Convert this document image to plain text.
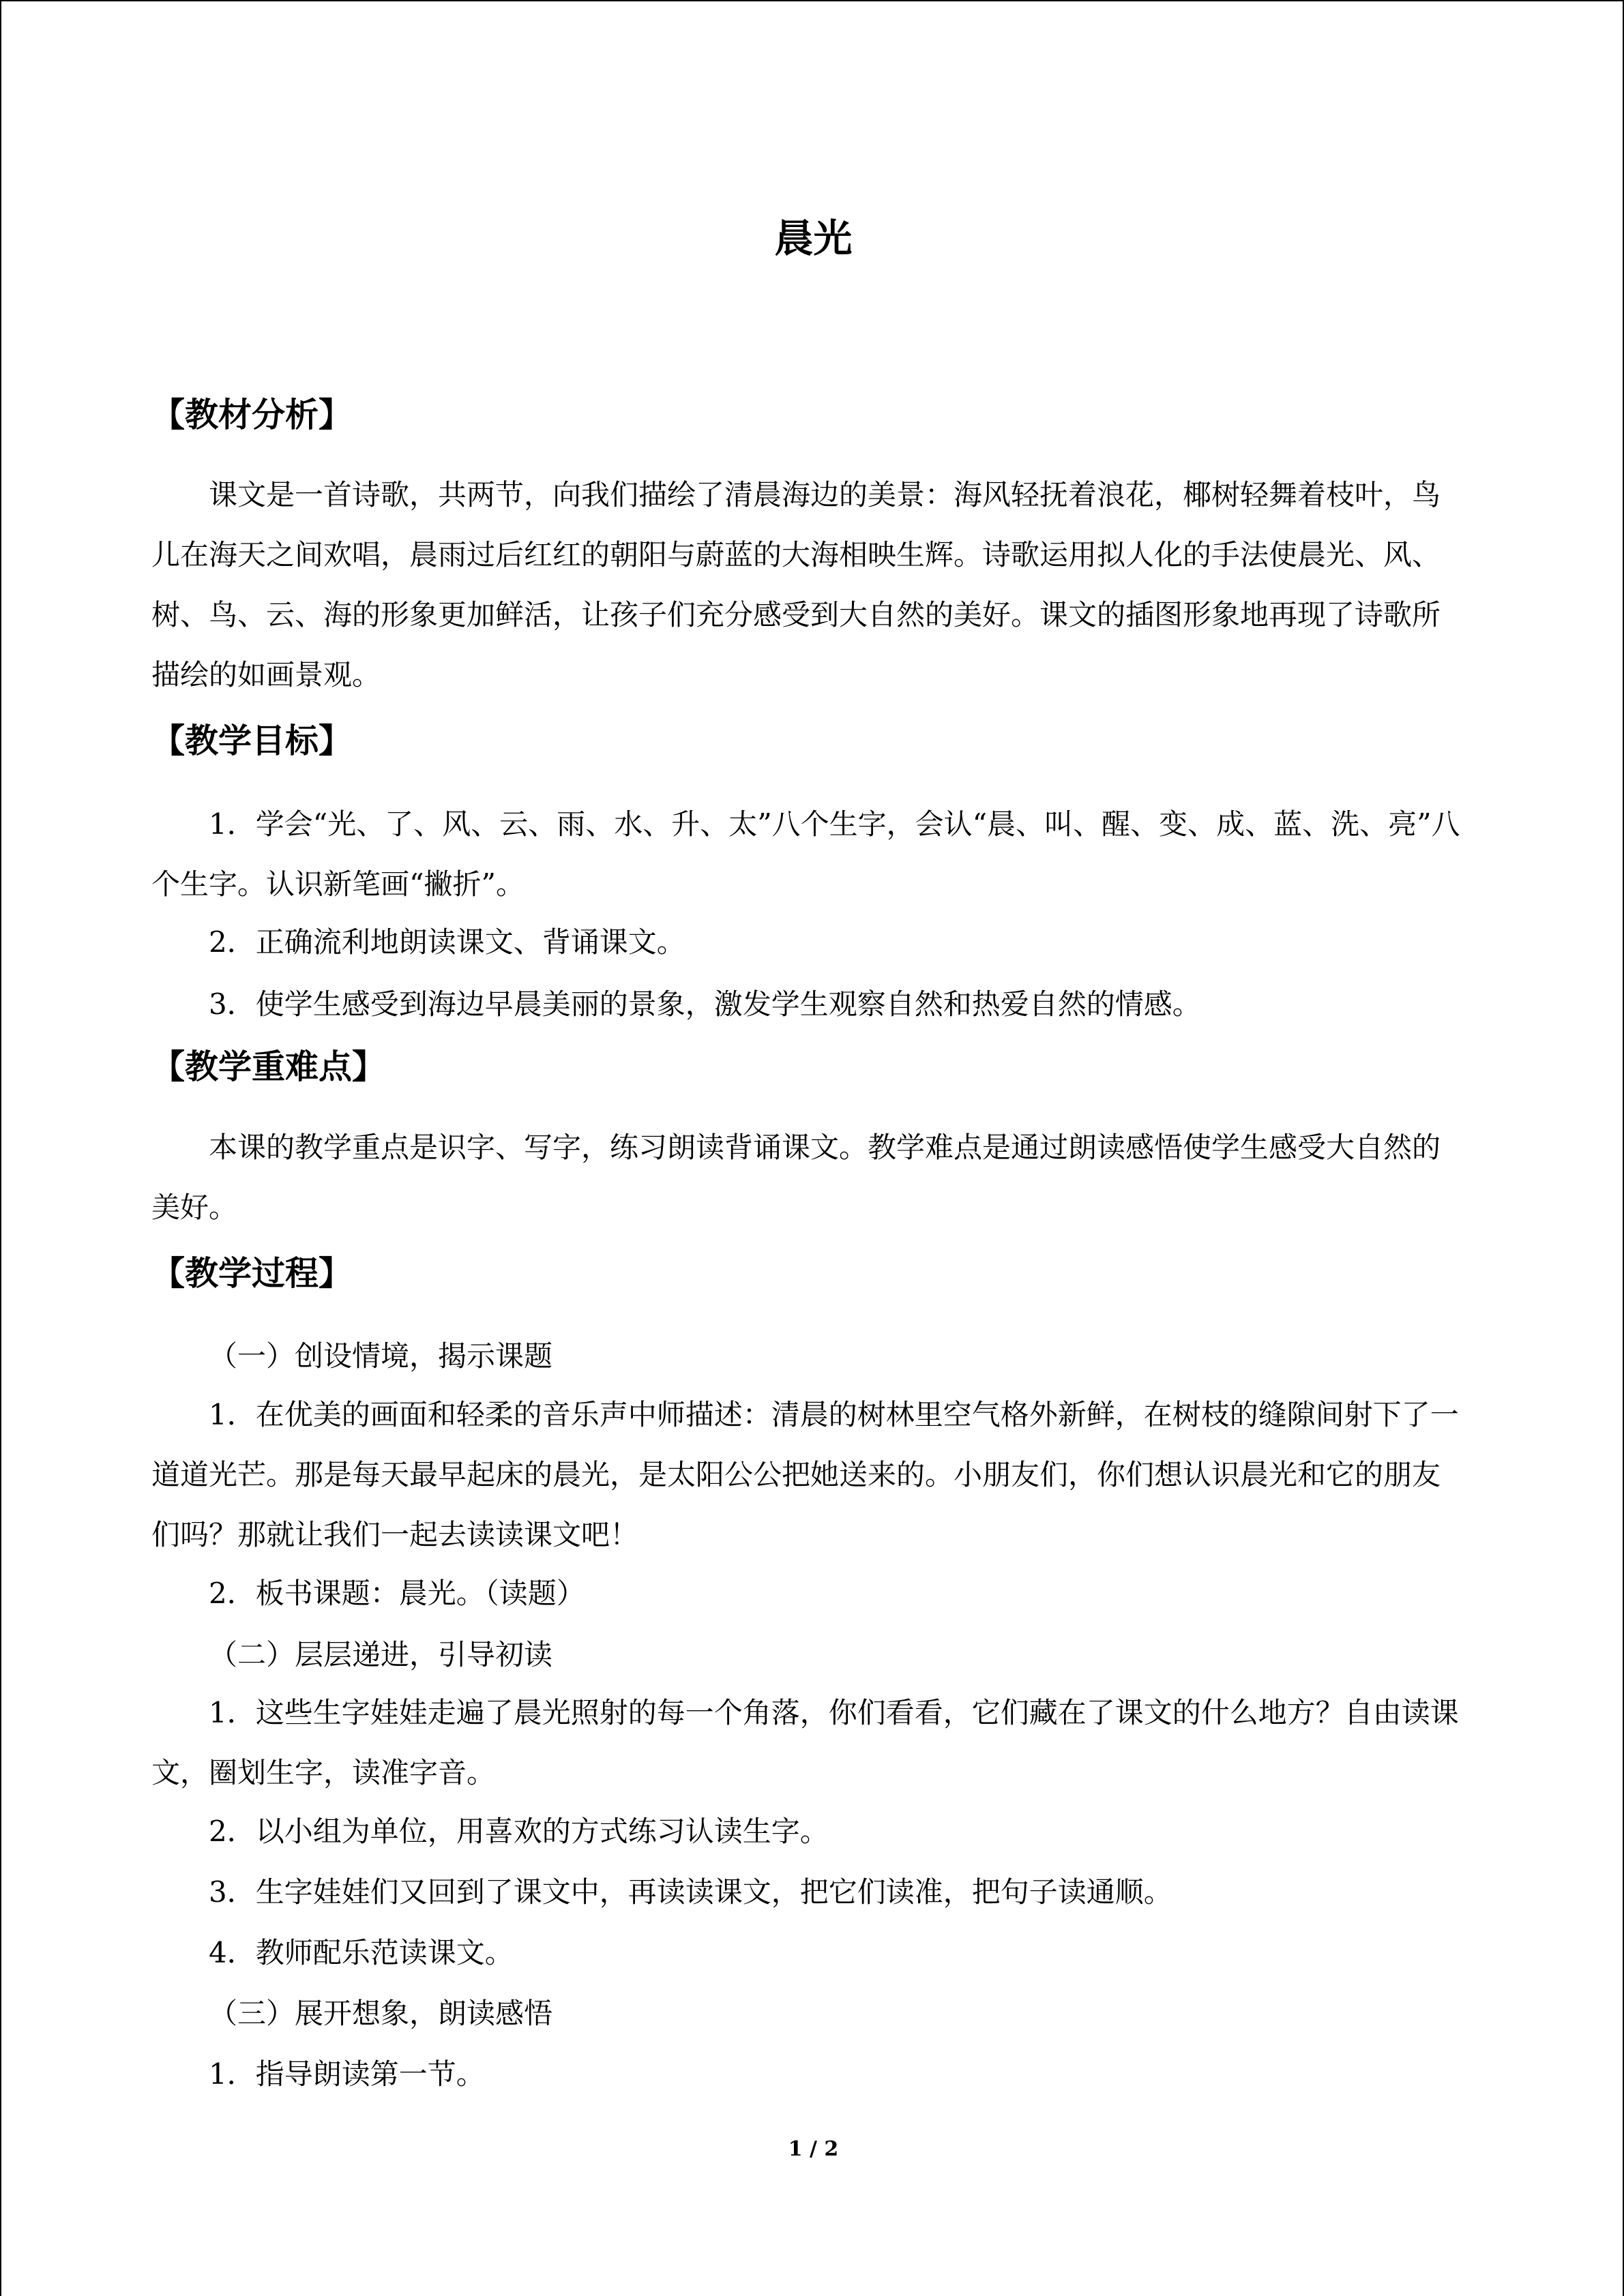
晨光
【教材分析】

课文是一首诗歌，共两节，向我们描绘了清晨海边的美景：海风轻抚着浪花，椰树轻舞着枝叶，鸟儿在海天之间欢唱，晨雨过后红红的朝阳与蔚蓝的大海相映生辉。诗歌运用拟人化的手法使晨光、风、树、鸟、云、海的形象更加鲜活，让孩子们充分感受到大自然的美好。课文的插图形象地再现了诗歌所描绘的如画景观。

【教学目标】

1．学会“光、了、风、云、雨、水、升、太”八个生字，会认“晨、叫、醒、变、成、蓝、洗、亮”八个生字。认识新笔画“撇折”。

2．正确流利地朗读课文、背诵课文。

3．使学生感受到海边早晨美丽的景象，激发学生观察自然和热爱自然的情感。

【教学重难点】

本课的教学重点是识字、写字，练习朗读背诵课文。教学难点是通过朗读感悟使学生感受大自然的美好。

【教学过程】

（一）创设情境，揭示课题

1．在优美的画面和轻柔的音乐声中师描述：清晨的树林里空气格外新鲜，在树枝的缝隙间射下了一道道光芒。那是每天最早起床的晨光，是太阳公公把她送来的。小朋友们，你们想认识晨光和它的朋友们吗？那就让我们一起去读读课文吧！

2．板书课题：晨光。（读题）

（二）层层递进，引导初读

1．这些生字娃娃走遍了晨光照射的每一个角落，你们看看，它们藏在了课文的什么地方？自由读课文，圈划生字，读准字音。

2．以小组为单位，用喜欢的方式练习认读生字。

3．生字娃娃们又回到了课文中，再读读课文，把它们读准，把句子读通顺。

4．教师配乐范读课文。

（三）展开想象，朗读感悟

1．指导朗读第一节。

1 / 2
